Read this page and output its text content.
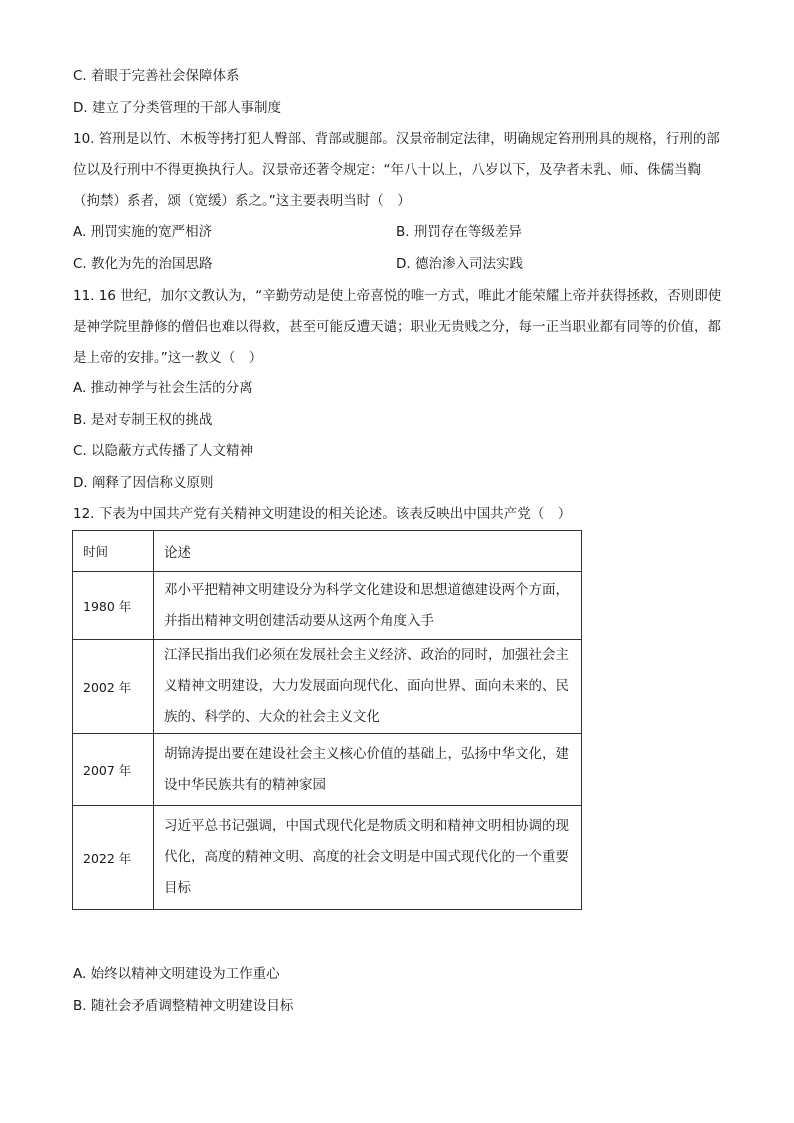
C. 着眼于完善社会保障体系
D. 建立了分类管理的干部人事制度
10. 笞刑是以竹、木板等拷打犯人臀部、背部或腿部。汉景帝制定法律，明确规定笞刑刑具的规格，行刑的部位以及行刑中不得更换执行人。汉景帝还著令规定：“年八十以上，八岁以下，及孕者未乳、师、侏儒当鞫（拘禁）系者，颂（宽缓）系之。”这主要表明当时（　）
A. 刑罚实施的宽严相济	B. 刑罚存在等级差异
C. 教化为先的治国思路	D. 德治渗入司法实践
11. 16 世纪，加尔文教认为，“辛勤劳动是使上帝喜悦的唯一方式，唯此才能荣耀上帝并获得拯救，否则即使是神学院里静修的僧侣也难以得救，甚至可能反遭天谴；职业无贵贱之分，每一正当职业都有同等的价值，都是上帝的安排。”这一教义（　）
A. 推动神学与社会生活的分离
B. 是对专制王权的挑战
C. 以隐蔽方式传播了人文精神
D. 阐释了因信称义原则
12. 下表为中国共产党有关精神文明建设的相关论述。该表反映出中国共产党（　）
时间	论述
1980 年	邓小平把精神文明建设分为科学文化建设和思想道德建设两个方面，并指出精神文明创建活动要从这两个角度入手
2002 年	江泽民指出我们必须在发展社会主义经济、政治的同时，加强社会主义精神文明建设，大力发展面向现代化、面向世界、面向未来的、民族的、科学的、大众的社会主义文化
2007 年	胡锦涛提出要在建设社会主义核心价值的基础上，弘扬中华文化，建设中华民族共有的精神家园
2022 年	习近平总书记强调，中国式现代化是物质文明和精神文明相协调的现代化，高度的精神文明、高度的社会文明是中国式现代化的一个重要目标
A. 始终以精神文明建设为工作重心
B. 随社会矛盾调整精神文明建设目标
